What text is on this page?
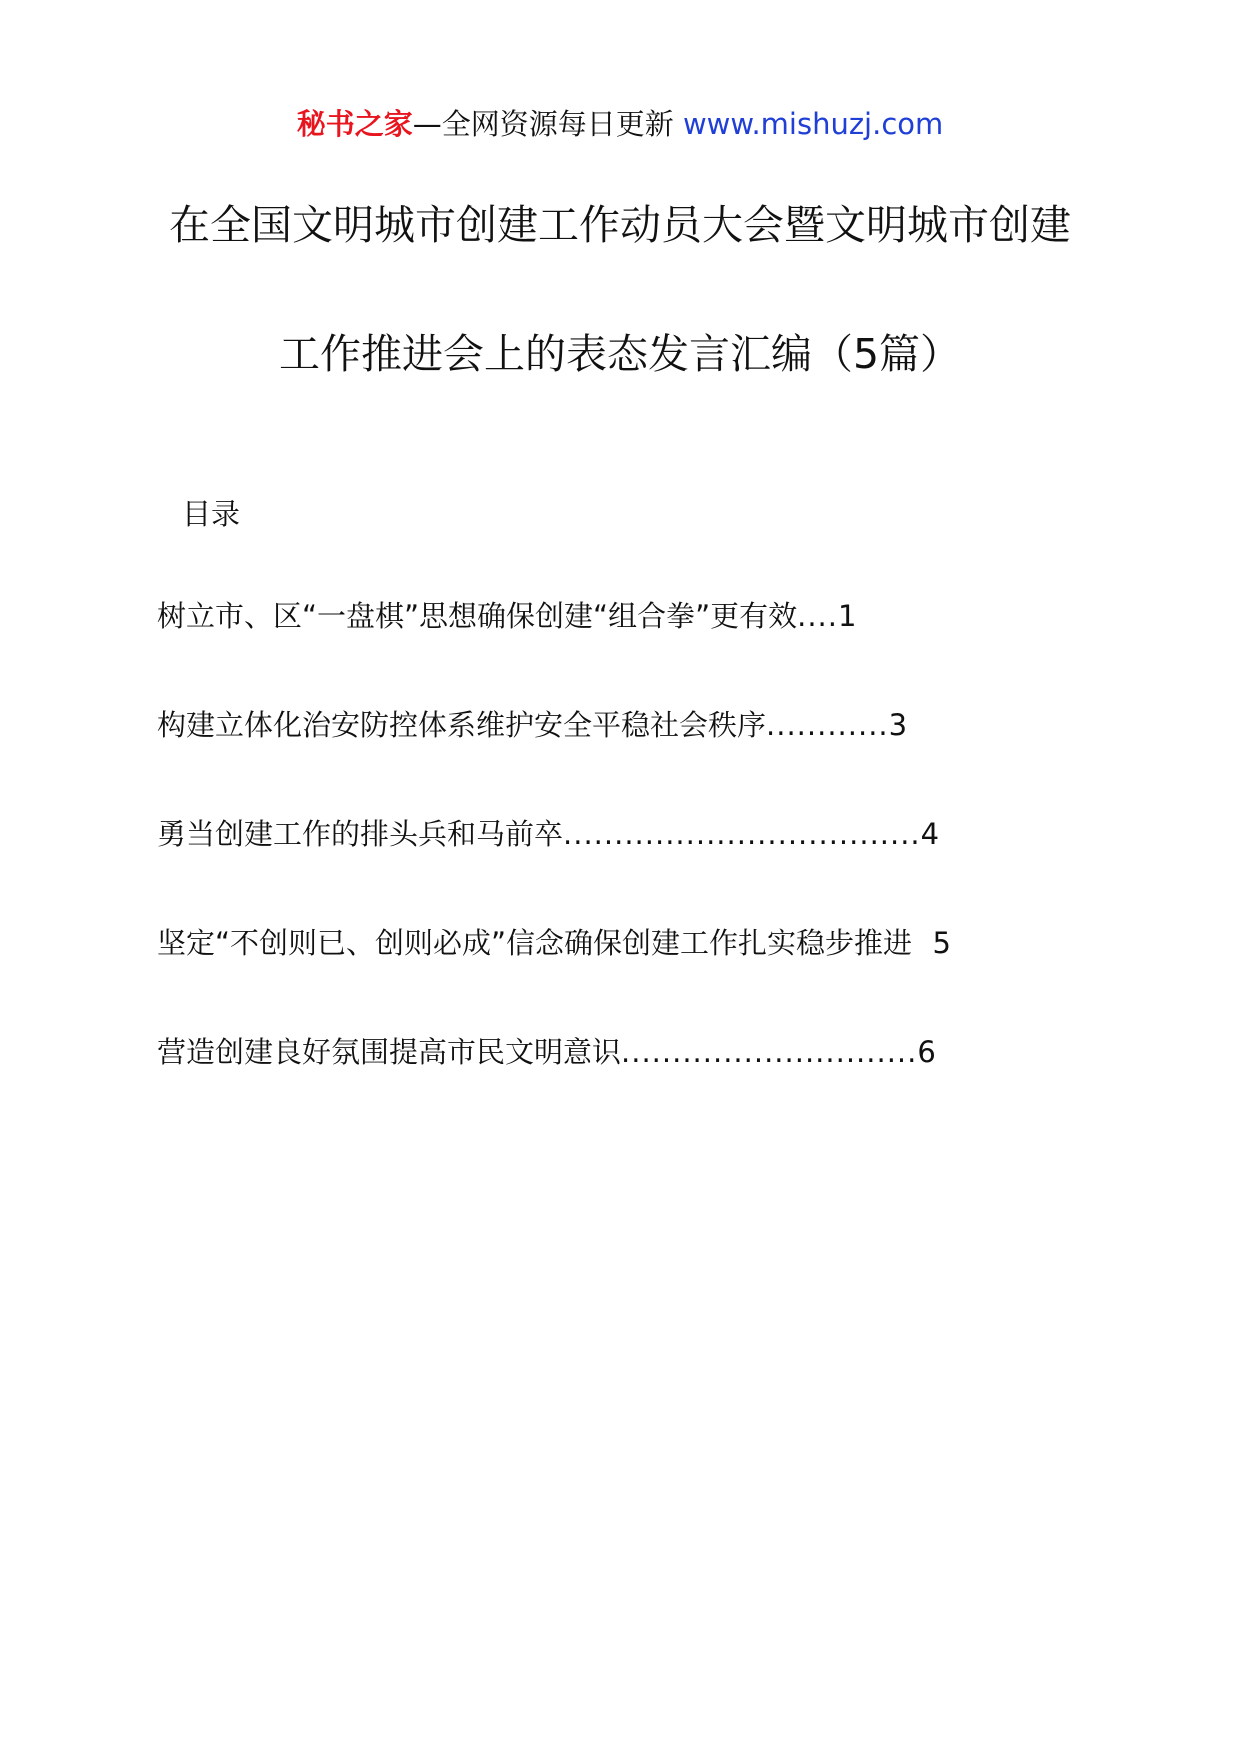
秘书之家—全网资源每日更新 www.mishuzj.com
在全国文明城市创建工作动员大会暨文明城市创建
工作推进会上的表态发言汇编（5篇）
目录
树立市、区“一盘棋”思想确保创建“组合拳”更有效 .... 1
构建立体化治安防控体系维护安全平稳社会秩序 ............ 3
勇当创建工作的排头兵和马前卒 ................................... 4
坚定“不创则已、创则必成”信念确保创建工作扎实稳步推进
5
营造创建良好氛围提高市民文明意识 ............................. 6
